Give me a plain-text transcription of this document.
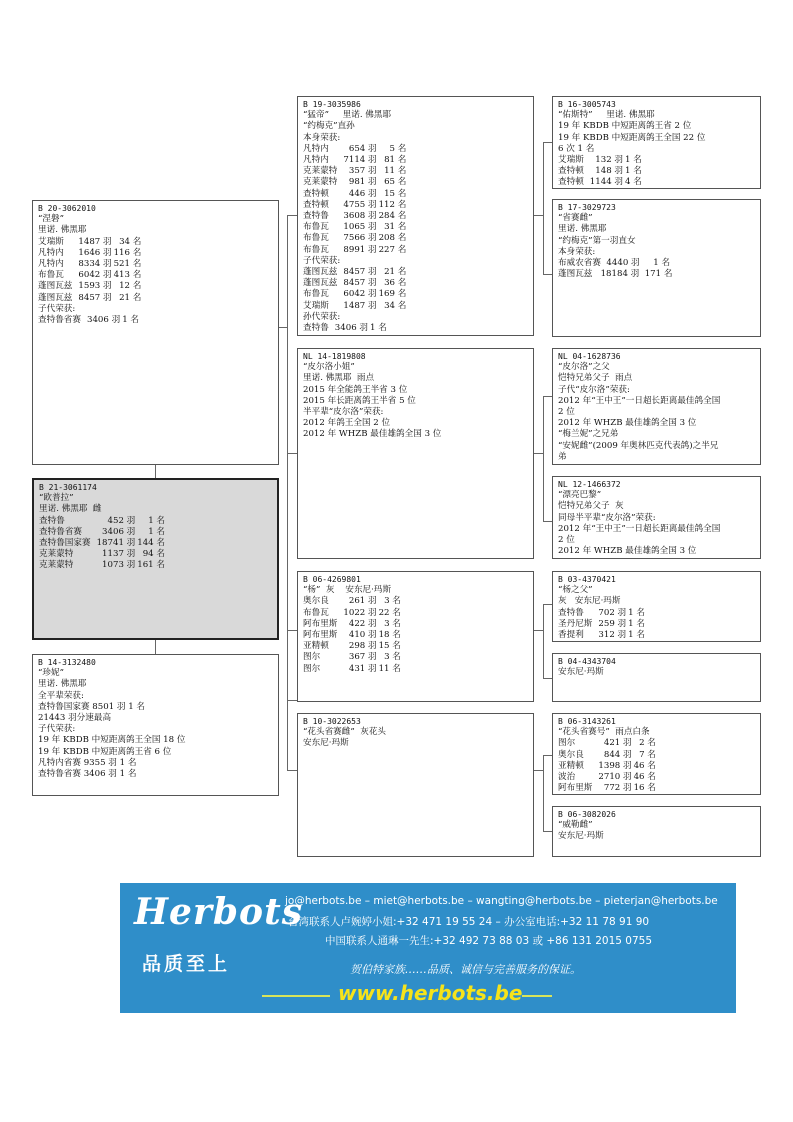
B 20-3062010
“涅磐”
里诺. 佛黑耶
艾瑞斯	1487 羽	34 名
凡特内	1646 羽	116 名
凡特内	8334 羽	521 名
布鲁瓦	6042 羽	413 名
蓬图瓦兹	1593 羽	12 名
蓬图瓦兹	8457 羽	21 名
子代荣获:
查特鲁省赛	3406 羽	1 名
B 21-3061174
“欧普拉”
里诺. 佛黑耶  雌
查特鲁	452 羽	1 名
查特鲁省赛	3406 羽	1 名
查特鲁国家赛	18741 羽	144 名
克莱蒙特	1137 羽	94 名
克莱蒙特	1073 羽	161 名
B 14-3132480
“珍妮”
里诺. 佛黑耶
全平辈荣获:
查特鲁国家赛 8501 羽 1 名
21443 羽分速最高
子代荣获:
19 年 KBDB 中短距离鸽王全国 18 位
19 年 KBDB 中短距离鸽王省 6 位
凡特内省赛 9355 羽 1 名
查特鲁省赛 3406 羽 1 名
B 19-3035986
“猛帝”     里诺. 佛黑耶
“约梅克”直孙
本身荣获:
凡特内	654 羽	5 名
凡特内	7114 羽	81 名
克莱蒙特	357 羽	11 名
克莱蒙特	981 羽	65 名
查特顿	446 羽	15 名
查特顿	4755 羽	112 名
查特鲁	3608 羽	284 名
布鲁瓦	1065 羽	31 名
布鲁瓦	7566 羽	208 名
布鲁瓦	8991 羽	227 名
子代荣获:
蓬图瓦兹	8457 羽	21 名
蓬图瓦兹	8457 羽	36 名
布鲁瓦	6042 羽	169 名
艾瑞斯	1487 羽	34 名
孙代荣获:
查特鲁	3406 羽	1 名
NL 14-1819808
“皮尔洛小姐”
里诺. 佛黑耶  雨点
2015 年全能鸽王半省 3 位
2015 年长距离鸽王半省 5 位
半平辈“皮尔洛”荣获:
2012 年鸽王全国 2 位
2012 年 WHZB 最佳雄鸽全国 3 位
B 06-4269801
“杨”  灰    安东尼·玛斯
奥尔良	261 羽	3 名
布鲁瓦	1022 羽	22 名
阿布里斯	422 羽	3 名
阿布里斯	410 羽	18 名
亚精顿	298 羽	15 名
图尔	367 羽	3 名
图尔	431 羽	11 名
B 10-3022653
“花头省赛雌”  灰花头
安东尼·玛斯
B 16-3005743
“佑斯特”     里诺. 佛黑耶
19 年 KBDB 中短距离鸽王省 2 位
19 年 KBDB 中短距离鸽王全国 22 位
6 次 1 名
艾瑞斯	132 羽	1 名
查特顿	148 羽	1 名
查特顿	1144 羽	4 名
B 17-3029723
“省赛雌”
里诺. 佛黑耶
“约梅克”第一羽直女
本身荣获:
布威农省赛  4440 羽     1 名
蓬图瓦兹   18184 羽  171 名
NL 04-1628736
“皮尔洛”之父
恺特兄弟父子  雨点
子代“皮尔洛”荣获:
2012 年“王中王”一日超长距离最佳鸽全国
2 位
2012 年 WHZB 最佳雄鸽全国 3 位
“梅兰妮”之兄弟
“安妮雌”(2009 年奥林匹克代表鸽)之半兄
弟
NL 12-1466372
“漂亮巴黎”
恺特兄弟父子  灰
同母半平辈“皮尔洛”荣获:
2012 年“王中王”一日超长距离最佳鸽全国
2 位
2012 年 WHZB 最佳雄鸽全国 3 位
B 03-4370421
“杨之父”
灰   安东尼·玛斯
查特鲁	702 羽	1 名
圣丹尼斯	259 羽	1 名
香提利	312 羽	1 名
B 04-4343704
安东尼·玛斯
B 06-3143261
“花头省赛号”  雨点白条
图尔	421 羽	2 名
奥尔良	844 羽	7 名
亚精顿	1398 羽	46 名
波治	2710 羽	46 名
阿布里斯	772 羽	16 名
B 06-3082026
“威勒雌”
安东尼·玛斯
Herbots
品质至上
jo@herbots.be – miet@herbots.be – wangting@herbots.be – pieterjan@herbots.be
台湾联系人卢婉婷小姐:+32 471 19 55 24 – 办公室电话:+32 11 78 91 90
中国联系人通琳一先生:+32 492 73 88 03 或 +86 131 2015 0755
贺伯特家族……品质、诚信与完善服务的保证。
www.herbots.be
